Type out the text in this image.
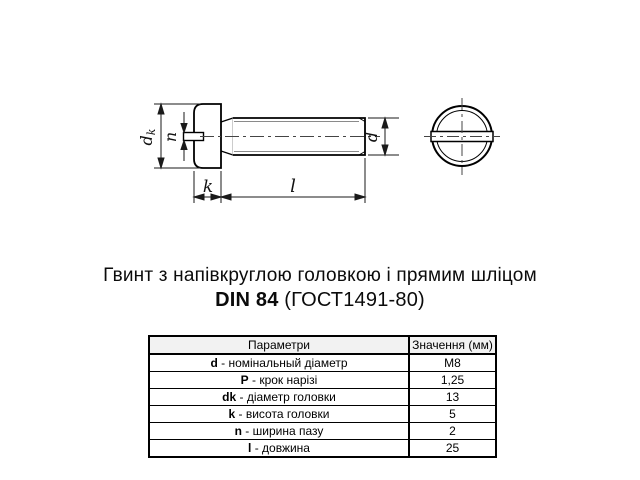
dk n	d
k	l
Гвинт з напівкруглою головкою і прямим шліцом
DIN 84 (ГОСТ1491-80)
Параметри	Значення (мм)
d - номінальный діаметр	M8
P - крок нарізі	1,25
dk - діаметр головки	13
k - висота головки	5
n - ширина пазу	2
l - довжина	25
